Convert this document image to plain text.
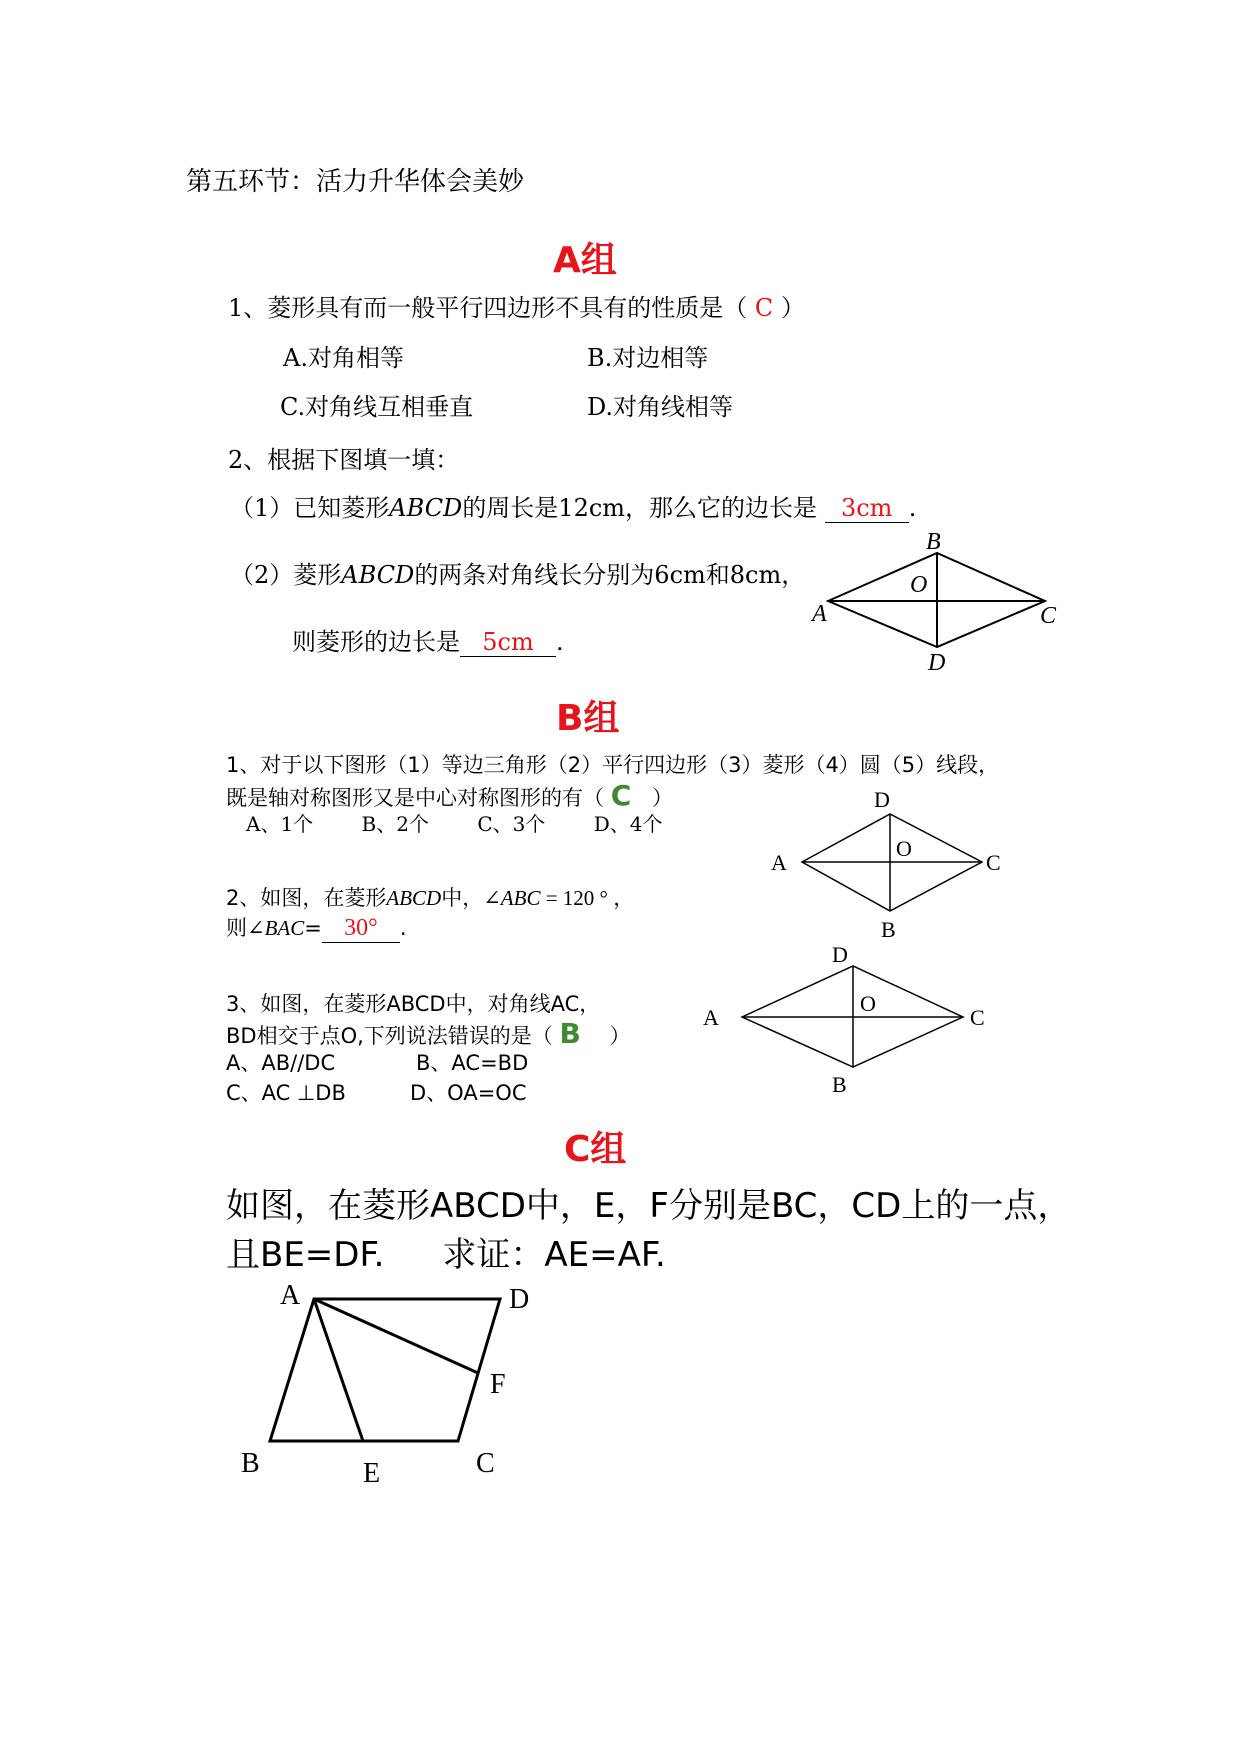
第五环节：活力升华体会美妙
A组
1、菱形具有而一般平行四边形不具有的性质是（ C ）
A.对角相等	B.对边相等
C.对角线互相垂直	D.对角线相等
2、根据下图填一填：
（1）已知菱形ABCD的周长是12cm，那么它的边长是 3cm .
（2）菱形ABCD的两条对角线长分别为6cm和8cm，
则菱形的边长是 5cm .
A
B
C
D
O
B组
1、对于以下图形（1）等边三角形（2）平行四边形（3）菱形（4）圆（5）线段，
既是轴对称图形又是中心对称图形的有（ C ）
A、1个 B、2个 C、3个 D、4个
2、如图，在菱形ABCD中，∠ABC = 120 ° ，
则∠BAC= 30° .
3、如图，在菱形ABCD中，对角线AC，
BD相交于点O,下列说法错误的是（ B ）
A、AB//DC	B、AC=BD
C、AC ⊥DB	D、OA=OC
A
B
C
D
O
A
B
C
D
O
C组
如图，在菱形ABCD中，E，F分别是BC，CD上的一点，
且BE=DF. 求证：AE=AF.
A
B	C
D
E
F
